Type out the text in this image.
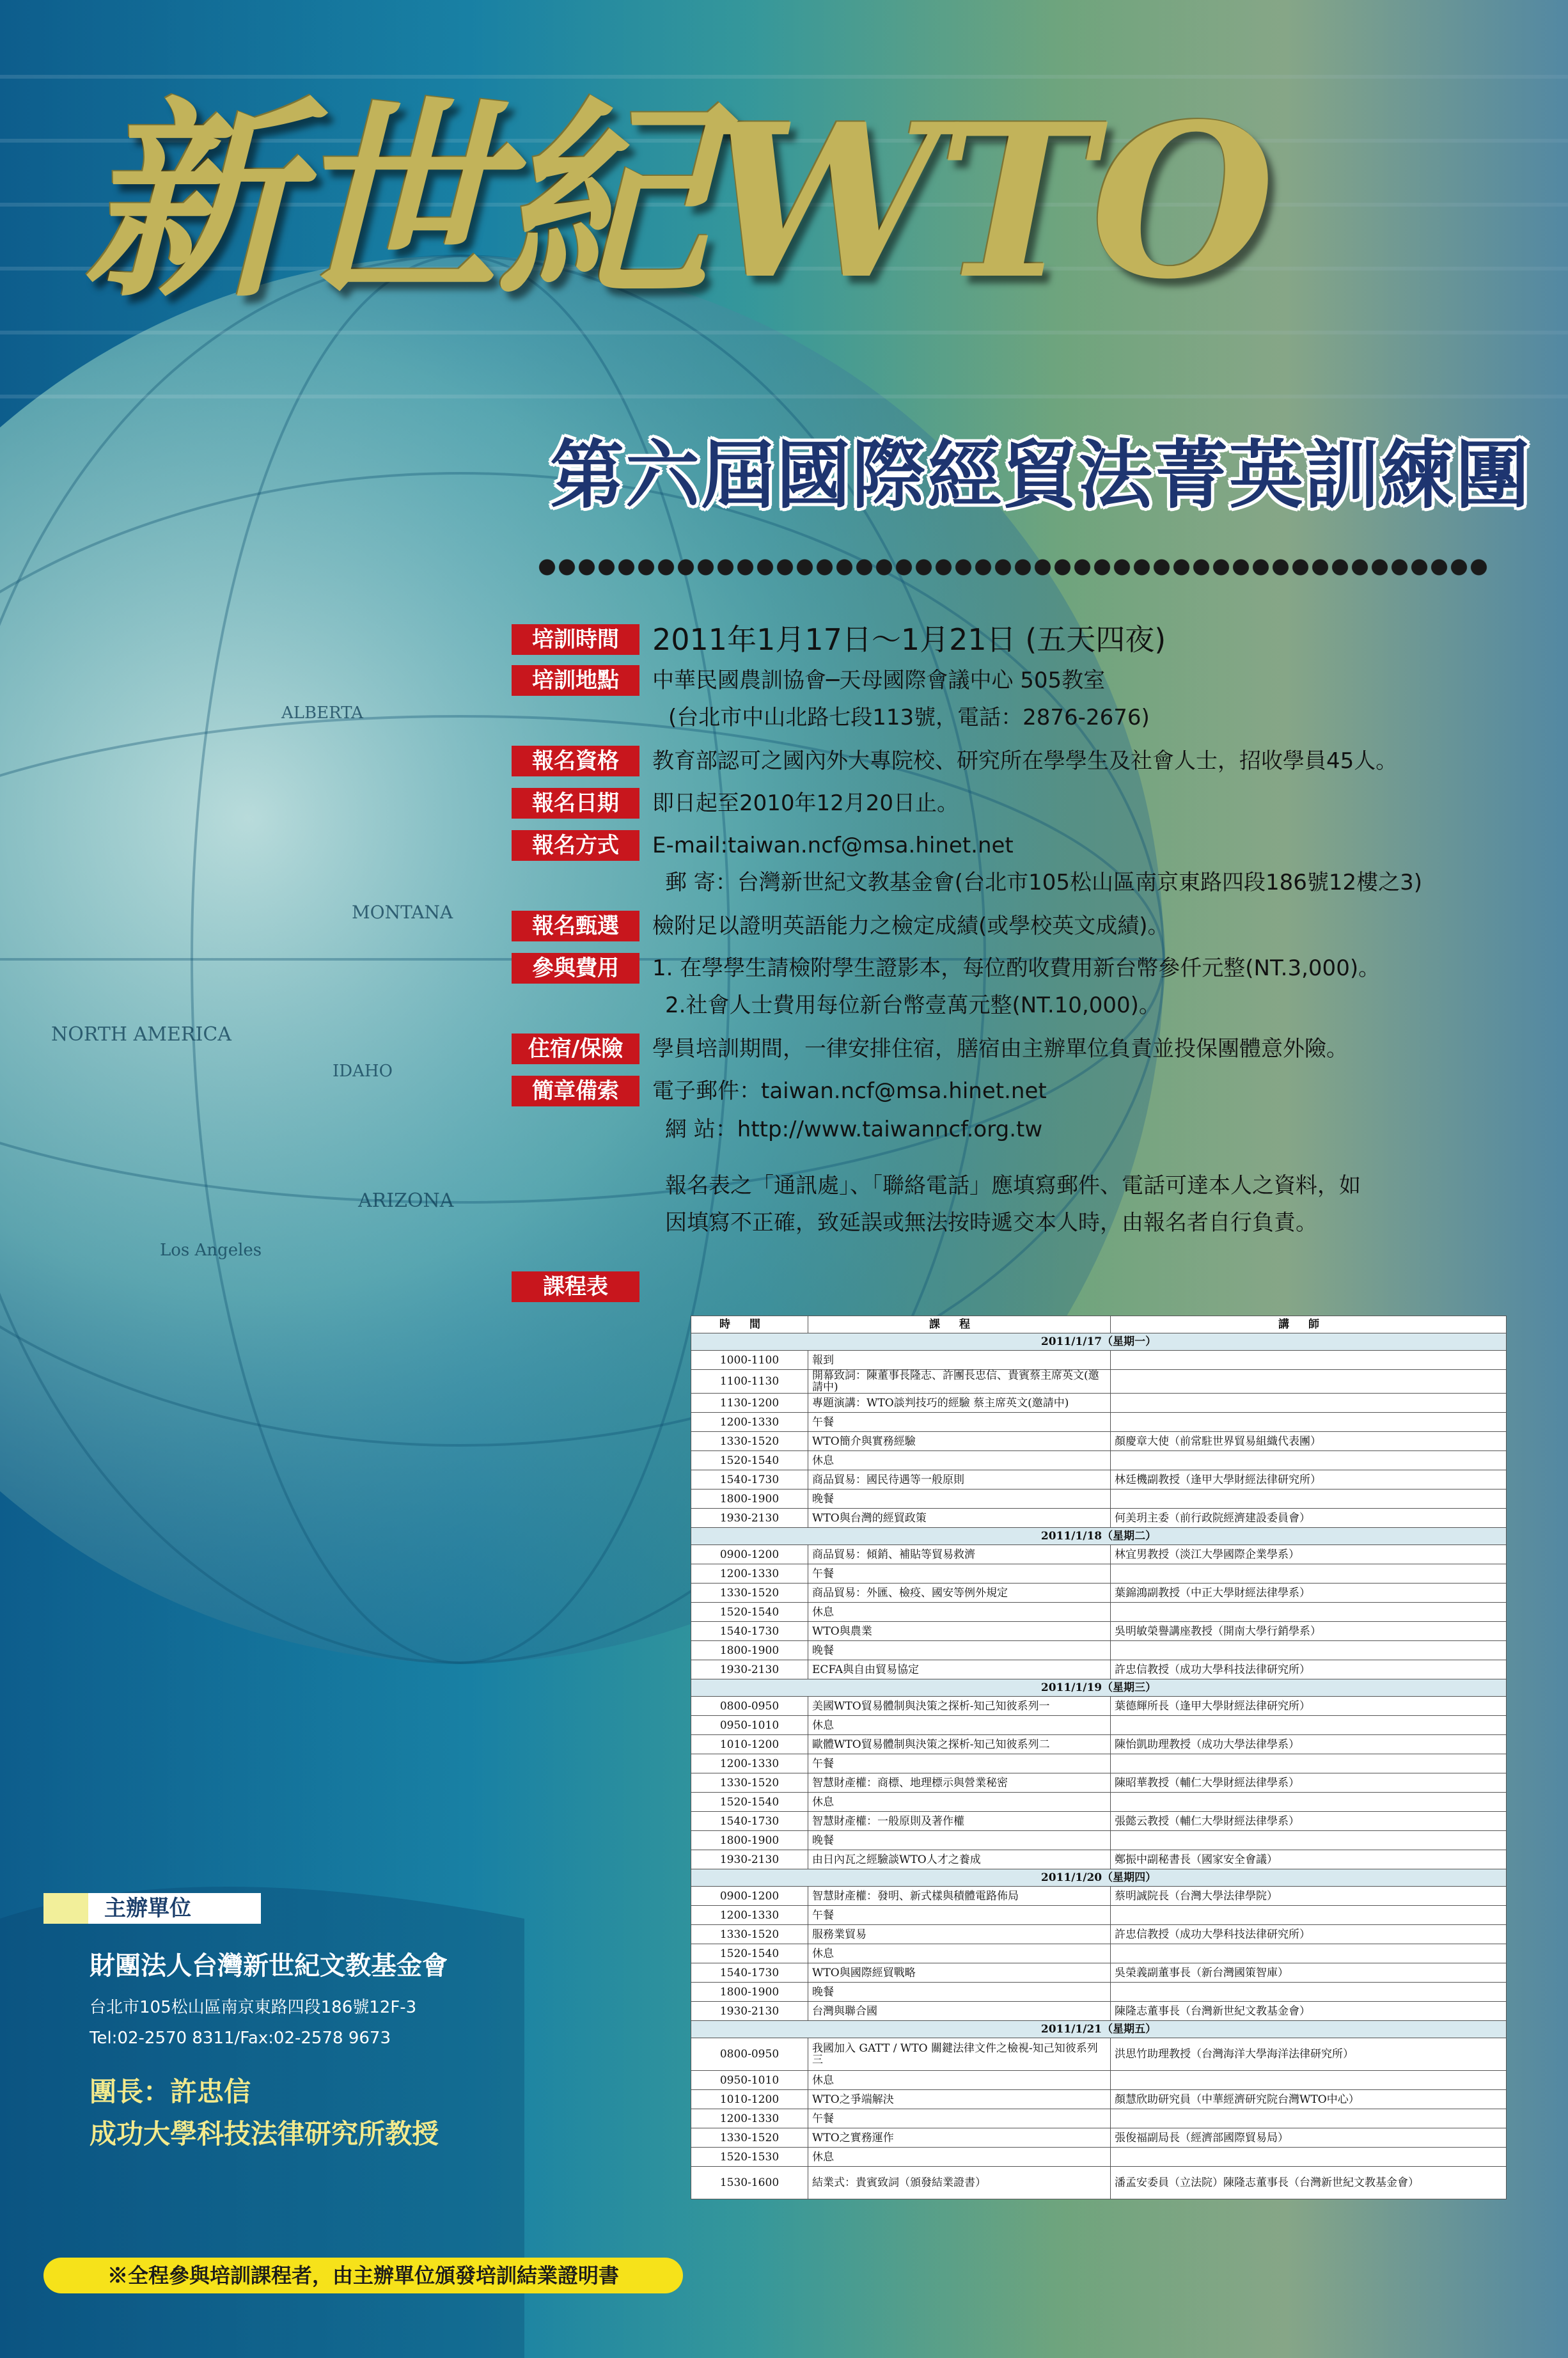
NORTH AMERICA
ALBERTA
MONTANA
IDAHO
ARIZONA
Los Angeles
新世紀WTO
第六屆國際經貿法菁英訓練團
培訓時間	2011年1月17日～1月21日 (五天四夜)
培訓地點	中華民國農訓協會─天母國際會議中心 505教室
(台北市中山北路七段113號，電話：2876-2676)
報名資格	教育部認可之國內外大專院校、研究所在學學生及社會人士，招收學員45人。
報名日期	即日起至2010年12月20日止。
報名方式	E-mail:taiwan.ncf@msa.hinet.net
郵 寄：台灣新世紀文教基金會(台北市105松山區南京東路四段186號12樓之3)
報名甄選	檢附足以證明英語能力之檢定成績(或學校英文成績)。
參與費用	1. 在學學生請檢附學生證影本，每位酌收費用新台幣參仟元整(NT.3,000)。
2.社會人士費用每位新台幣壹萬元整(NT.10,000)。
住宿/保險	學員培訓期間，一律安排住宿，膳宿由主辦單位負責並投保團體意外險。
簡章備索	電子郵件：taiwan.ncf@msa.hinet.net
網 站：http://www.taiwanncf.org.tw
報名表之「通訊處」、「聯絡電話」應填寫郵件、電話可達本人之資料，如
因填寫不正確，致延誤或無法按時遞交本人時，由報名者自行負責。
課程表
時間	課程	講師
2011/1/17（星期一）		
1000-1100	報到	
1100-1130	開幕致詞：陳董事長隆志、許團長忠信、貴賓蔡主席英文(邀請中)	
1130-1200	專題演講：WTO談判技巧的經驗 蔡主席英文(邀請中)	
1200-1330	午餐	
1330-1520	WTO簡介與實務經驗	顏慶章大使（前常駐世界貿易組織代表團）
1520-1540	休息	
1540-1730	商品貿易：國民待遇等一般原則	林廷機副教授（逢甲大學財經法律研究所）
1800-1900	晚餐	
1930-2130	WTO與台灣的經貿政策	何美玥主委（前行政院經濟建設委員會）
2011/1/18（星期二）		
0900-1200	商品貿易：傾銷、補貼等貿易救濟	林宜男教授（淡江大學國際企業學系）
1200-1330	午餐	
1330-1520	商品貿易：外匯、檢疫、國安等例外規定	葉錦鴻副教授（中正大學財經法律學系）
1520-1540	休息	
1540-1730	WTO與農業	吳明敏榮譽講座教授（開南大學行銷學系）
1800-1900	晚餐	
1930-2130	ECFA與自由貿易協定	許忠信教授（成功大學科技法律研究所）
2011/1/19（星期三）		
0800-0950	美國WTO貿易體制與決策之探析-知己知彼系列一	葉德輝所長（逢甲大學財經法律研究所）
0950-1010	休息	
1010-1200	歐體WTO貿易體制與決策之探析-知己知彼系列二	陳怡凱助理教授（成功大學法律學系）
1200-1330	午餐	
1330-1520	智慧財產權：商標、地理標示與營業秘密	陳昭華教授（輔仁大學財經法律學系）
1520-1540	休息	
1540-1730	智慧財產權：一般原則及著作權	張懿云教授（輔仁大學財經法律學系）
1800-1900	晚餐	
1930-2130	由日內瓦之經驗談WTO人才之養成	鄭振中副秘書長（國家安全會議）
2011/1/20（星期四）		
0900-1200	智慧財產權：發明、新式樣與積體電路佈局	蔡明誠院長（台灣大學法律學院）
1200-1330	午餐	
1330-1520	服務業貿易	許忠信教授（成功大學科技法律研究所）
1520-1540	休息	
1540-1730	WTO與國際經貿戰略	吳榮義副董事長（新台灣國策智庫）
1800-1900	晚餐	
1930-2130	台灣與聯合國	陳隆志董事長（台灣新世紀文教基金會）
2011/1/21（星期五）		
0800-0950	我國加入 GATT / WTO 關鍵法律文件之檢視-知己知彼系列三	洪思竹助理教授（台灣海洋大學海洋法律研究所）
0950-1010	休息	
1010-1200	WTO之爭端解決	顏慧欣助研究員（中華經濟研究院台灣WTO中心）
1200-1330	午餐	
1330-1520	WTO之實務運作	張俊福副局長（經濟部國際貿易局）
1520-1530	休息	
1530-1600	結業式：貴賓致詞（頒發結業證書）	潘孟安委員（立法院）陳隆志董事長（台灣新世紀文教基金會）
主辦單位
財團法人台灣新世紀文教基金會
台北市105松山區南京東路四段186號12F-3
Tel:02-2570 8311/Fax:02-2578 9673
團長：許忠信
成功大學科技法律研究所教授
※全程參與培訓課程者，由主辦單位頒發培訓結業證明書
